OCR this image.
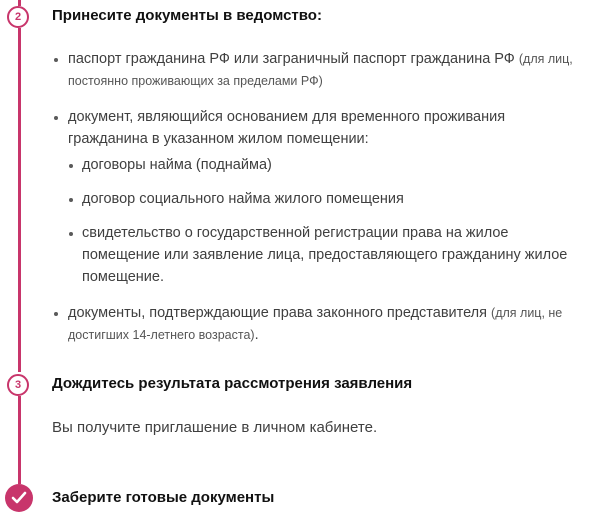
2	Принесите документы в ведомство:
паспорт гражданина РФ или заграничный паспорт гражданина РФ (для лиц, постоянно проживающих за пределами РФ)
документ, являющийся основанием для временного проживания гражданина в указанном жилом помещении:
договоры найма (поднайма)
договор социального найма жилого помещения
свидетельство о государственной регистрации права на жилое помещение или заявление лица, предоставляющего гражданину жилое помещение.
документы, подтверждающие права законного представителя (для лиц, не достигших 14-летнего возраста).
3	Дождитесь результата рассмотрения заявления

Вы получите приглашение в личном кабинете.

Заберите готовые документы
